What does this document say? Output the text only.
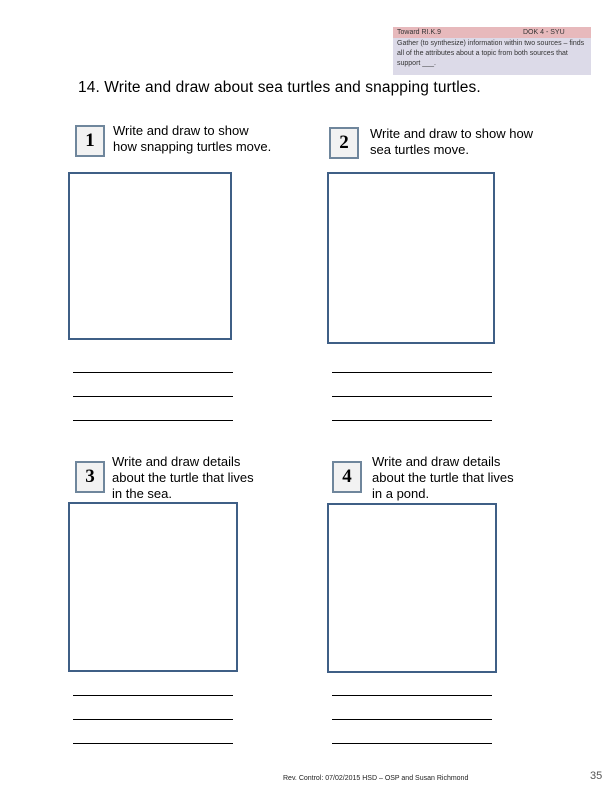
Toward RI.K.9	DOK 4 - SYU
Gather (to synthesize) information within two sources – finds all of the attributes about a topic from both sources that support ___.
14. Write and draw about sea turtles and snapping turtles.
1	Write and draw to show how snapping turtles move.	2	Write and draw to show how sea turtles move.
3
Write and draw details about the turtle that lives in the sea.
4
Write and draw details about the turtle that lives in a pond.
Rev. Control: 07/02/2015 HSD – OSP and Susan Richmond	35
